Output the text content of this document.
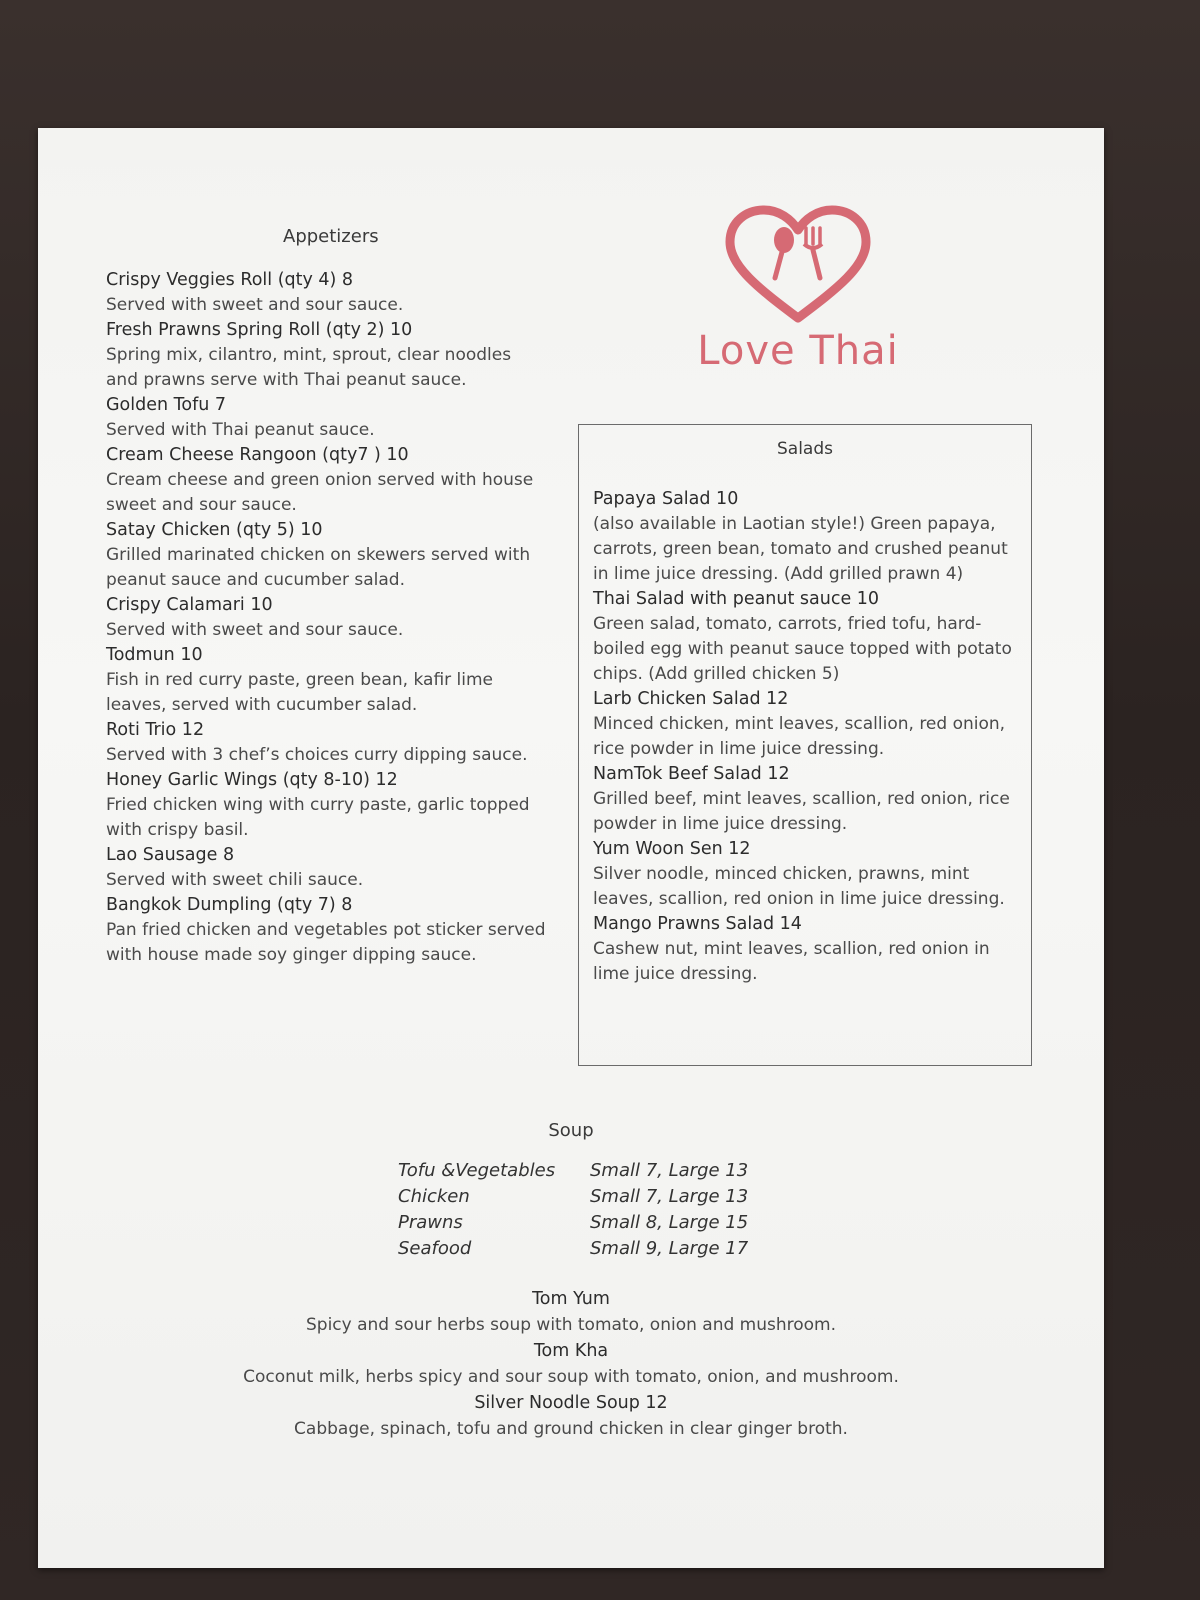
Appetizers

Crispy Veggies Roll (qty 4) 8

Served with sweet and sour sauce.

Fresh Prawns Spring Roll (qty 2) 10

Spring mix, cilantro, mint, sprout, clear noodles and prawns serve with Thai peanut sauce.

Golden Tofu 7

Served with Thai peanut sauce.

Cream Cheese Rangoon (qty7 ) 10

Cream cheese and green onion served with house sweet and sour sauce.

Satay Chicken (qty 5) 10

Grilled marinated chicken on skewers served with peanut sauce and cucumber salad.

Crispy Calamari 10

Served with sweet and sour sauce.

Todmun 10

Fish in red curry paste, green bean, kafir lime leaves, served with cucumber salad.

Roti Trio 12

Served with 3 chef’s choices curry dipping sauce.

Honey Garlic Wings (qty 8-10) 12

Fried chicken wing with curry paste, garlic topped with crispy basil.

Lao Sausage 8

Served with sweet chili sauce.

Bangkok Dumpling (qty 7) 8

Pan fried chicken and vegetables pot sticker served with house made soy ginger dipping sauce.

Love Thai
Salads

Papaya Salad 10

(also available in Laotian style!) Green papaya, carrots, green bean, tomato and crushed peanut in lime juice dressing. (Add grilled prawn 4)

Thai Salad with peanut sauce 10

Green salad, tomato, carrots, fried tofu, hard-boiled egg with peanut sauce topped with potato chips. (Add grilled chicken 5)

Larb Chicken Salad 12

Minced chicken, mint leaves, scallion, red onion, rice powder in lime juice dressing.

NamTok Beef Salad 12

Grilled beef, mint leaves, scallion, red onion, rice powder in lime juice dressing.

Yum Woon Sen 12

Silver noodle, minced chicken, prawns, mint leaves, scallion, red onion in lime juice dressing.

Mango Prawns Salad 14

Cashew nut, mint leaves, scallion, red onion in lime juice dressing.

Soup
Tofu &Vegetables	Small 7, Large 13
Chicken	Small 7, Large 13
Prawns	Small 8, Large 15
Seafood	Small 9, Large 17

Tom Yum

Spicy and sour herbs soup with tomato, onion and mushroom.

Tom Kha

Coconut milk, herbs spicy and sour soup with tomato, onion, and mushroom.

Silver Noodle Soup 12

Cabbage, spinach, tofu and ground chicken in clear ginger broth.
